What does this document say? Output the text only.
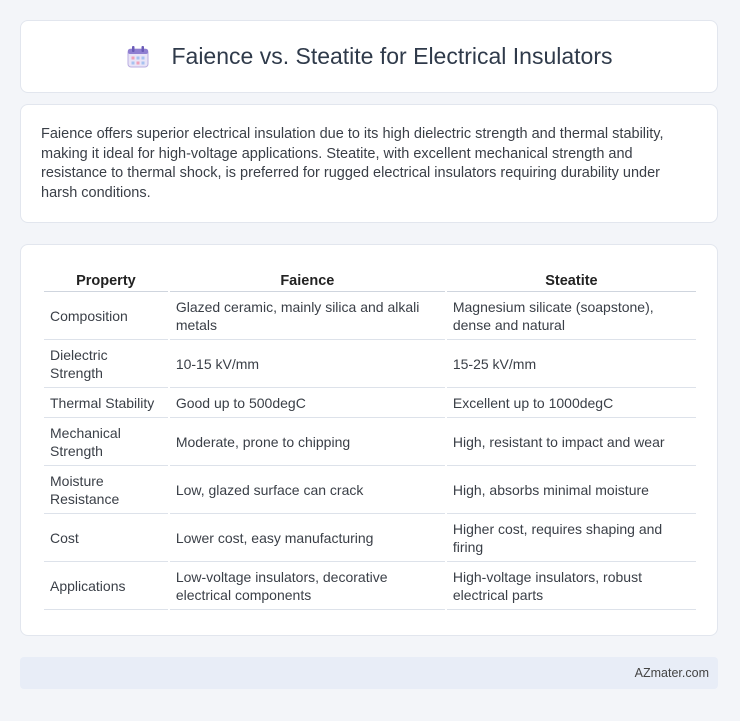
Faience vs. Steatite for Electrical Insulators

Faience offers superior electrical insulation due to its high dielectric strength and thermal stability, making it ideal for high-voltage applications. Steatite, with excellent mechanical strength and resistance to thermal shock, is preferred for rugged electrical insulators requiring durability under harsh conditions.

Property	Faience	Steatite
Composition	Glazed ceramic, mainly silica and alkali metals	Magnesium silicate (soapstone), dense and natural
Dielectric Strength	10-15 kV/mm	15-25 kV/mm
Thermal Stability	Good up to 500degC	Excellent up to 1000degC
Mechanical Strength	Moderate, prone to chipping	High, resistant to impact and wear
Moisture Resistance	Low, glazed surface can crack	High, absorbs minimal moisture
Cost	Lower cost, easy manufacturing	Higher cost, requires shaping and firing
Applications	Low-voltage insulators, decorative electrical components	High-voltage insulators, robust electrical parts
AZmater.com
